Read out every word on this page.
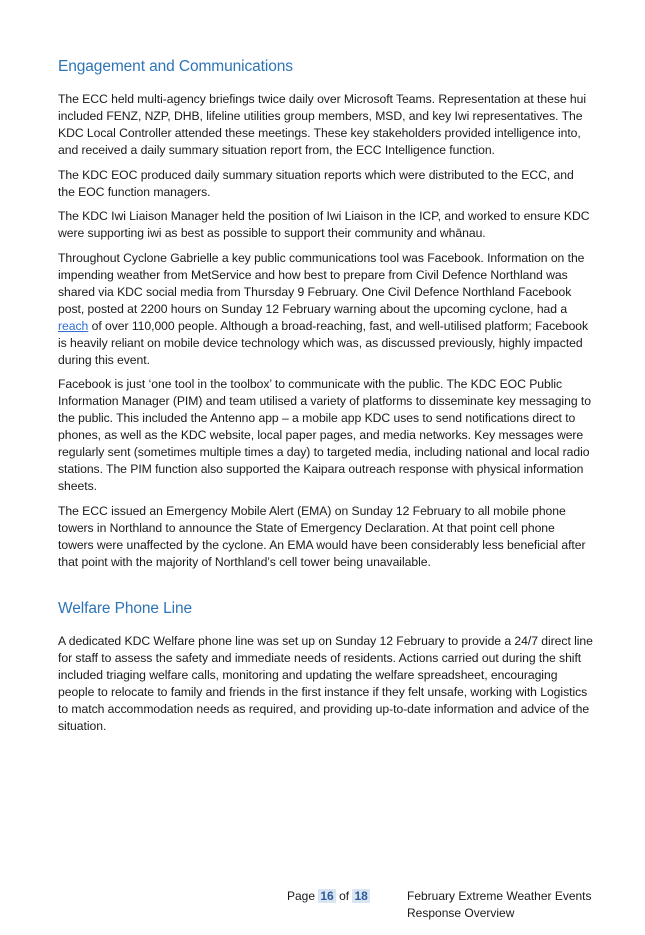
Engagement and Communications

The ECC held multi-agency briefings twice daily over Microsoft Teams. Representation at these hui included FENZ, NZP, DHB, lifeline utilities group members, MSD, and key Iwi representatives. The KDC Local Controller attended these meetings. These key stakeholders provided intelligence into, and received a daily summary situation report from, the ECC Intelligence function.

The KDC EOC produced daily summary situation reports which were distributed to the ECC, and the EOC function managers.

The KDC Iwi Liaison Manager held the position of Iwi Liaison in the ICP, and worked to ensure KDC were supporting iwi as best as possible to support their community and whānau.

Throughout Cyclone Gabrielle a key public communications tool was Facebook. Information on the impending weather from MetService and how best to prepare from Civil Defence Northland was shared via KDC social media from Thursday 9 February. One Civil Defence Northland Facebook post, posted at 2200 hours on Sunday 12 February warning about the upcoming cyclone, had a reach of over 110,000 people. Although a broad-reaching, fast, and well-utilised platform; Facebook is heavily reliant on mobile device technology which was, as discussed previously, highly impacted during this event.

Facebook is just ‘one tool in the toolbox’ to communicate with the public. The KDC EOC Public Information Manager (PIM) and team utilised a variety of platforms to disseminate key messaging to the public. This included the Antenno app – a mobile app KDC uses to send notifications direct to phones, as well as the KDC website, local paper pages, and media networks. Key messages were regularly sent (sometimes multiple times a day) to targeted media, including national and local radio stations. The PIM function also supported the Kaipara outreach response with physical information sheets.

The ECC issued an Emergency Mobile Alert (EMA) on Sunday 12 February to all mobile phone towers in Northland to announce the State of Emergency Declaration. At that point cell phone towers were unaffected by the cyclone. An EMA would have been considerably less beneficial after that point with the majority of Northland’s cell tower being unavailable.

Welfare Phone Line

A dedicated KDC Welfare phone line was set up on Sunday 12 February to provide a 24/7 direct line for staff to assess the safety and immediate needs of residents. Actions carried out during the shift included triaging welfare calls, monitoring and updating the welfare spreadsheet, encouraging people to relocate to family and friends in the first instance if they felt unsafe, working with Logistics to match accommodation needs as required, and providing up-to-date information and advice of the situation.

Page 16 of 18	February Extreme Weather Events
Response Overview
